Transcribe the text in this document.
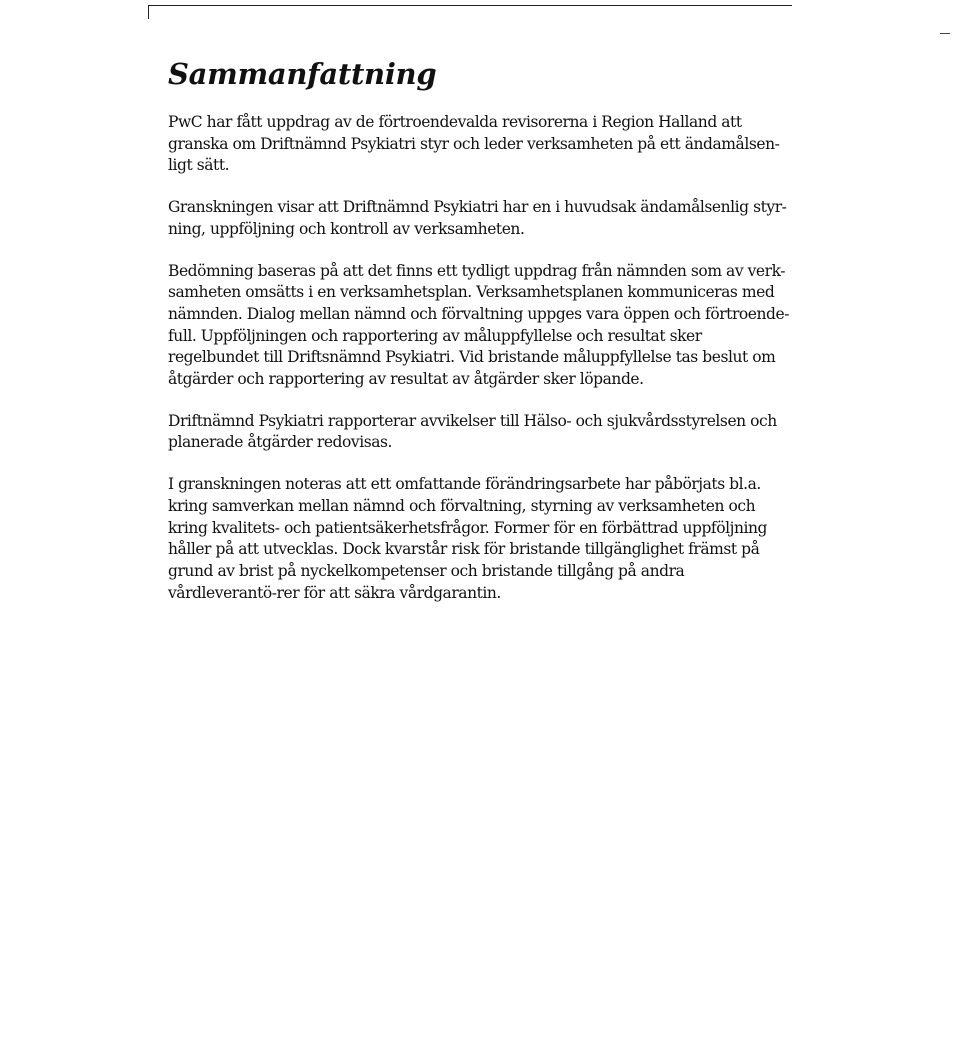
Sammanfattning

PwC har fått uppdrag av de förtroendevalda revisorerna i Region Halland att granska om Driftnämnd Psykiatri styr och leder verksamheten på ett ändamålsen-ligt sätt.

Granskningen visar att Driftnämnd Psykiatri har en i huvudsak ändamålsenlig styr-ning, uppföljning och kontroll av verksamheten.

Bedömning baseras på att det finns ett tydligt uppdrag från nämnden som av verk-samheten omsätts i en verksamhetsplan. Verksamhetsplanen kommuniceras med nämnden. Dialog mellan nämnd och förvaltning uppges vara öppen och förtroende-full. Uppföljningen och rapportering av måluppfyllelse och resultat sker regelbundet till Driftsnämnd Psykiatri. Vid bristande måluppfyllelse tas beslut om åtgärder och rapportering av resultat av åtgärder sker löpande.

Driftnämnd Psykiatri rapporterar avvikelser till Hälso- och sjukvårdsstyrelsen och planerade åtgärder redovisas.

I granskningen noteras att ett omfattande förändringsarbete har påbörjats bl.a. kring samverkan mellan nämnd och förvaltning, styrning av verksamheten och kring kvalitets- och patientsäkerhetsfrågor. Former för en förbättrad uppföljning håller på att utvecklas. Dock kvarstår risk för bristande tillgänglighet främst på grund av brist på nyckelkompetenser och bristande tillgång på andra vårdleverantö-rer för att säkra vårdgarantin.
